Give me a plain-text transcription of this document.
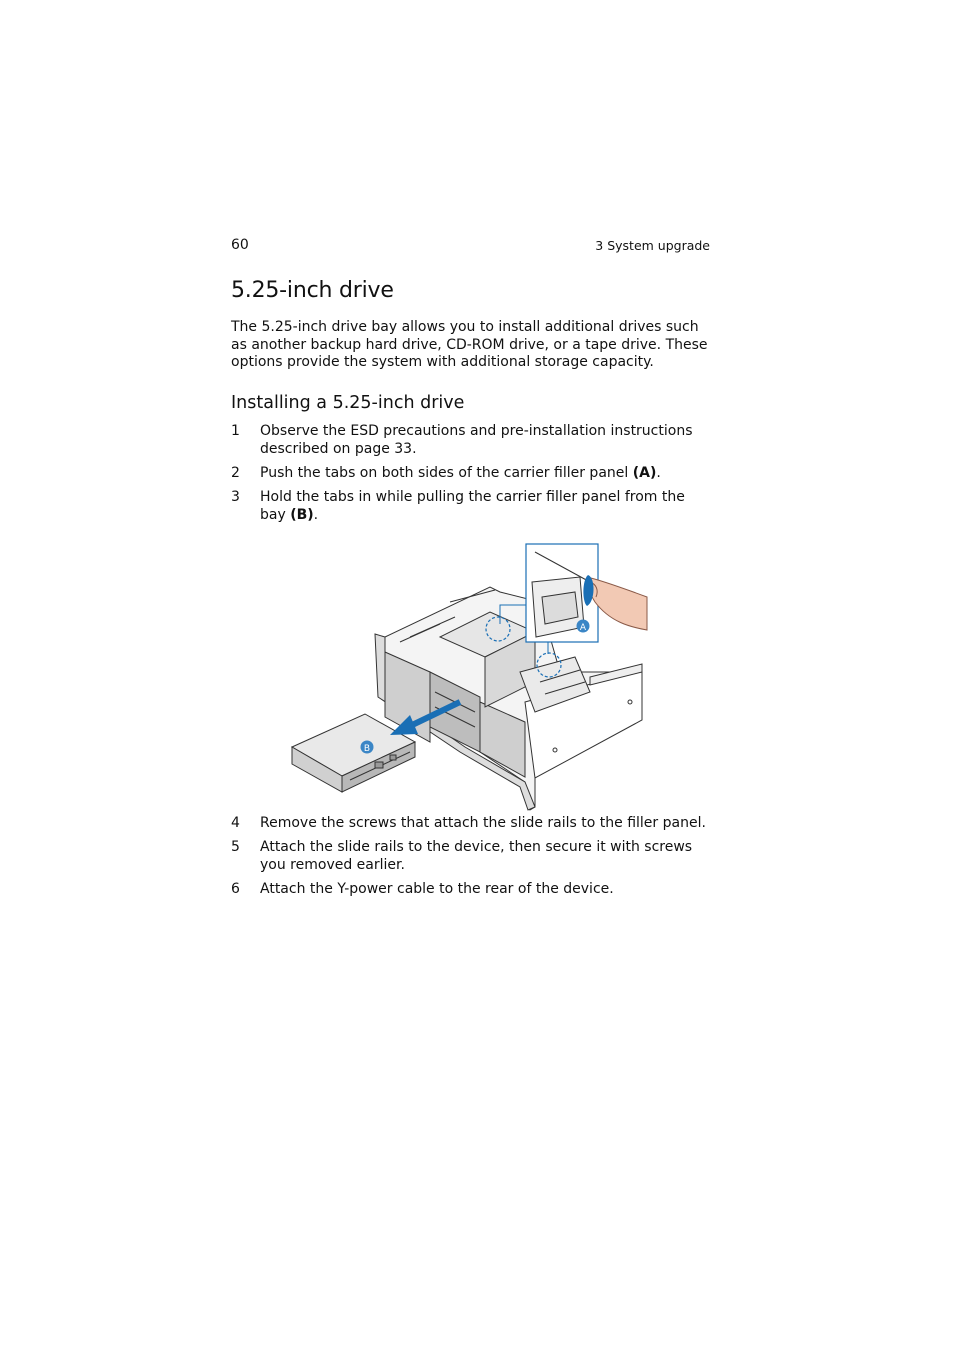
60	3 System upgrade
5.25-inch drive

The 5.25-inch drive bay allows you to install additional drives such as another backup hard drive, CD-ROM drive, or a tape drive. These options provide the system with additional storage capacity.

Installing a 5.25-inch drive
1 Observe the ESD precautions and pre-installation instructions described on page 33.
2 Push the tabs on both sides of the carrier filler panel (A).
3 Hold the tabs in while pulling the carrier filler panel from the bay (B).
A
B
4 Remove the screws that attach the slide rails to the filler panel.
5 Attach the slide rails to the device, then secure it with screws you removed earlier.
6 Attach the Y-power cable to the rear of the device.
